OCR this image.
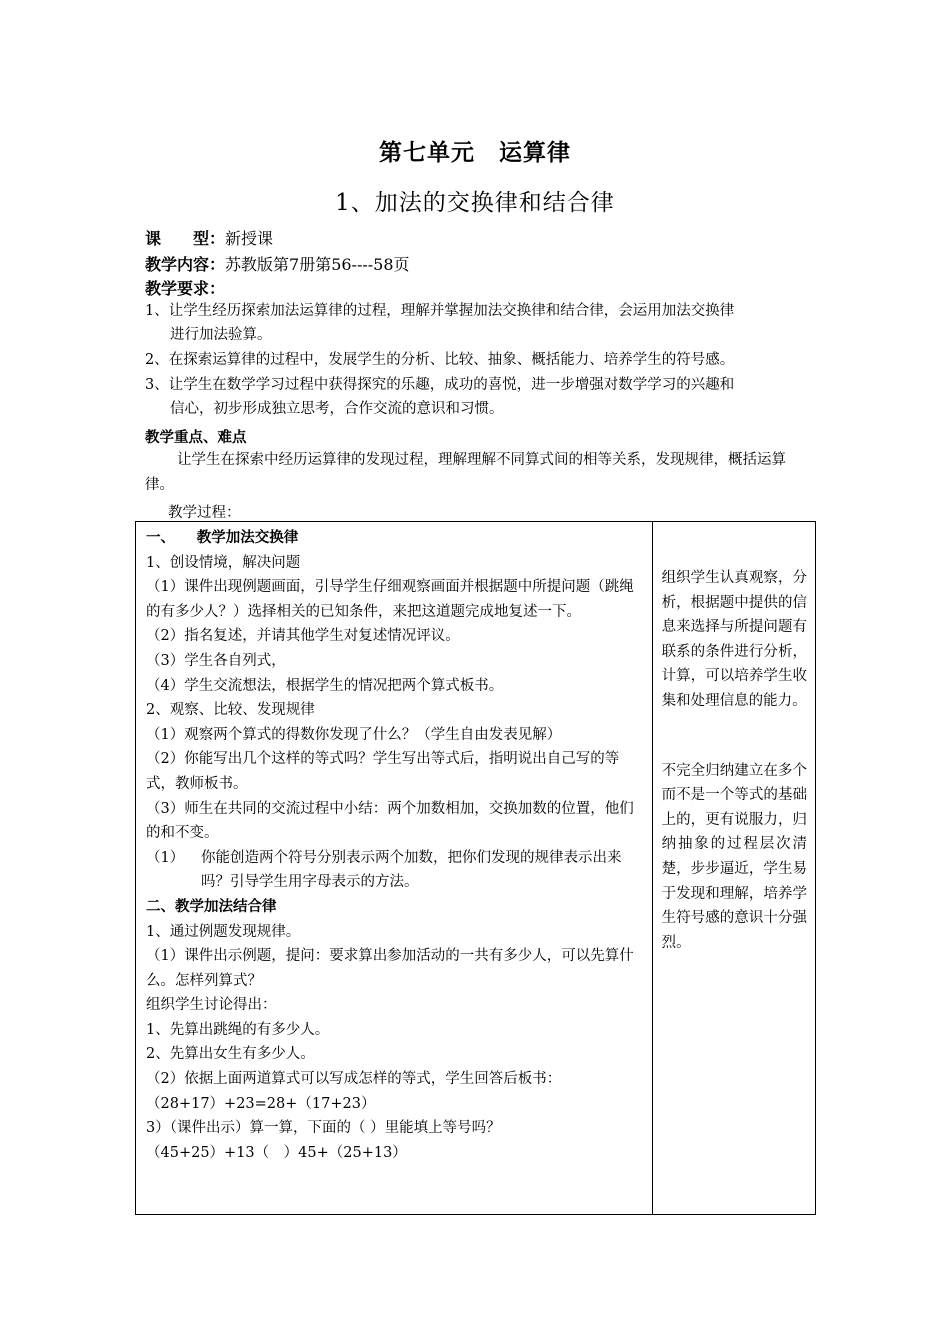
第七单元　运算律
1、加法的交换律和结合律
课　　型：新授课
教学内容：苏教版第7册第56----58页
教学要求：
1、让学生经历探索加法运算律的过程，理解并掌握加法交换律和结合律，会运用加法交换律
进行加法验算。
2、在探索运算律的过程中，发展学生的分析、比较、抽象、概括能力、培养学生的符号感。
3、让学生在数学学习过程中获得探究的乐趣，成功的喜悦，进一步增强对数学学习的兴趣和
信心，初步形成独立思考，合作交流的意识和习惯。
教学重点、难点
让学生在探索中经历运算律的发现过程，理解理解不同算式间的相等关系，发现规律，概括运算律。
教学过程：
一、　　教学加法交换律
1、创设情境，解决问题
（1）课件出现例题画面，引导学生仔细观察画面并根据题中所提问题（跳绳的有多少人？）选择相关的已知条件，来把这道题完成地复述一下。
（2）指名复述，并请其他学生对复述情况评议。
（3）学生各自列式，
（4）学生交流想法，根据学生的情况把两个算式板书。
2、观察、比较、发现规律
（1）观察两个算式的得数你发现了什么？（学生自由发表见解）
（2）你能写出几个这样的等式吗？学生写出等式后，指明说出自己写的等式，教师板书。
（3）师生在共同的交流过程中小结：两个加数相加，交换加数的位置，他们的和不变。
（1）	你能创造两个符号分别表示两个加数，把你们发现的规律表示出来吗？引导学生用字母表示的方法。
二、教学加法结合律
1、通过例题发现规律。
（1）课件出示例题，提问：要求算出参加活动的一共有多少人，可以先算什么。怎样列算式？
组织学生讨论得出：
1、先算出跳绳的有多少人。
2、先算出女生有多少人。
（2）依据上面两道算式可以写成怎样的等式，学生回答后板书：
（28+17）+23=28+（17+23）
3）（课件出示）算一算，下面的（ ）里能填上等号吗？
（45+25）+13（　）45+（25+13）

组织学生认真观察，分析，根据题中提供的信息来选择与所提问题有联系的条件进行分析，计算，可以培养学生收集和处理信息的能力。
不完全归纳建立在多个而不是一个等式的基础上的，更有说服力，归纳抽象的过程层次清楚，步步逼近，学生易于发现和理解，培养学生符号感的意识十分强烈。
